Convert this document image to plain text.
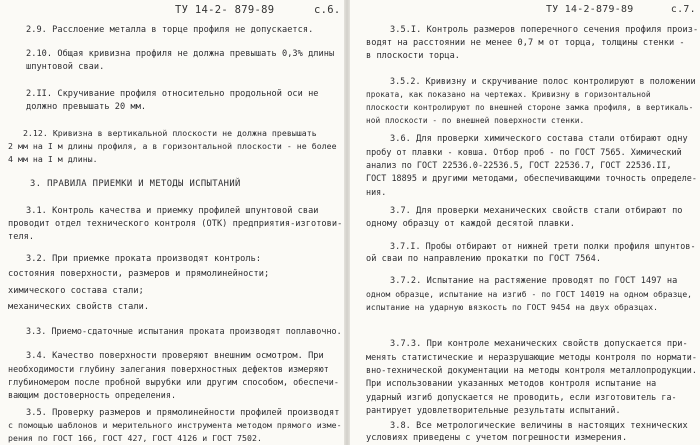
ТУ 14-2- 879-89      с.6.
2.9. Расслоение металла в торце профиля не допускается.
2.10. Общая кривизна профиля не должна превышать 0,3% длины
шпунтовой сваи.
2.II. Скручивание профиля относительно продольной оси не
должно превышать 20 мм.
2.12. Кривизна в вертикальной плоскости не должна превышать
2 мм на I м длины профиля, а в горизонтальной плоскости - не более
4 мм на I м длины.
3. ПРАВИЛА ПРИЕМКИ И МЕТОДЫ ИСПЫТАНИЙ
3.1. Контроль качества и приемку профилей шпунтовой сваи
проводит отдел технического контроля (ОТК) предприятия-изготови-
теля.
3.2. При приемке проката производят контроль:
состояния поверхности, размеров и прямолинейности;
химического состава стали;
механических свойств стали.
3.3. Приемо-сдаточные испытания проката производят поплавочно.
3.4. Качество поверхности проверяют внешним осмотром. При
необходимости глубину залегания поверхностных дефектов измеряют
глубиномером после пробной вырубки или другим способом, обеспечи-
вающим достоверность определения.
3.5. Проверку размеров и прямолинейности профилей производят
с помощью шаблонов и мерительного инструмента методом прямого изме-
рения по ГОСТ 166, ГОСТ 427, ГОСТ 4126 и ГОСТ 7502.
ТУ 14-2-879-89      с.7.
3.5.I. Контроль размеров поперечного сечения профиля произ-
водят на расстоянии не менее 0,7 м от торца, толщины стенки -
в плоскости торца.
3.5.2. Кривизну и скручивание полос контролируют в положении
проката, как показано на чертежах. Кривизну в горизонтальной
плоскости контролируют по внешней стороне замка профиля, в вертикаль-
ной плоскости - по внешней поверхности стенки.
3.6. Для проверки химического состава стали отбирают одну
пробу от плавки - ковша. Отбор проб - по ГОСТ 7565. Химический
анализ по ГОСТ 22536.0-22536.5, ГОСТ 22536.7, ГОСТ 22536.II,
ГОСТ 18895 и другими методами, обеспечивающими точность определе-
ния.
3.7. Для проверки механических свойств стали отбирают по
одному образцу от каждой десятой плавки.
3.7.I. Пробы отбирают от нижней трети полки профиля шпунтов-
ой сваи по направлению прокатки по ГОСТ 7564.
3.7.2. Испытание на растяжение проводят по ГОСТ 1497 на
одном образце, испытание на изгиб - по ГОСТ 14019 на одном образце,
испытание на ударную вязкость по ГОСТ 9454 на двух образцах.
3.7.3. При контроле механических свойств допускается при-
менять статистические и неразрушающие методы контроля по нормати-
вно-технической документации на методы контроля металлопродукции.
При использовании указанных методов контроля испытание на
ударный изгиб допускается не проводить, если изготовитель га-
рантирует удовлетворительные результаты испытаний.
3.8. Все метрологические величины в настоящих технических
условиях приведены с учетом погрешности измерения.
